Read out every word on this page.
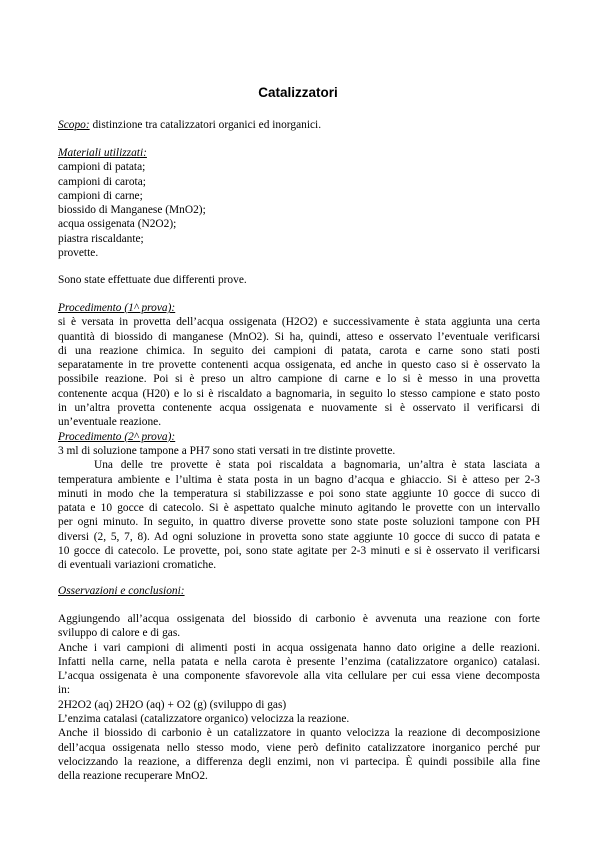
Catalizzatori
Scopo: distinzione tra catalizzatori organici ed inorganici.
Materiali utilizzati:
campioni di patata;
campioni di carota;
campioni di carne;
biossido di Manganese (MnO2);
acqua ossigenata (N2O2);
piastra riscaldante;
provette.
Sono state effettuate due differenti prove.
Procedimento (1^ prova):
si è versata in provetta dell’acqua ossigenata (H2O2) e successivamente è stata aggiunta una certa
quantità di biossido di manganese (MnO2). Si ha, quindi, atteso e osservato l’eventuale verificarsi
di una reazione chimica. In seguito dei campioni di patata, carota e carne sono stati posti
separatamente in tre provette contenenti acqua ossigenata, ed anche in questo caso si è osservato la
possibile reazione. Poi si è preso un altro campione di carne e lo si è messo in una provetta
contenente acqua (H20) e lo si è riscaldato a bagnomaria, in seguito lo stesso campione e stato posto
in un’altra provetta contenente acqua ossigenata e nuovamente si è osservato il verificarsi di
un’eventuale reazione.
Procedimento (2^ prova):
3 ml di soluzione tampone a PH7 sono stati versati in tre distinte provette.
Una delle tre provette è stata poi riscaldata a bagnomaria, un’altra è stata lasciata a
temperatura ambiente e l’ultima è stata posta in un bagno d’acqua e ghiaccio. Si è atteso per 2-3
minuti in modo che la temperatura si stabilizzasse e poi sono state aggiunte 10 gocce di succo di
patata e 10 gocce di catecolo. Si è aspettato qualche minuto agitando le provette con un intervallo
per ogni minuto. In seguito, in quattro diverse provette sono state poste soluzioni tampone con PH
diversi (2, 5, 7, 8). Ad ogni soluzione in provetta sono state aggiunte 10 gocce di succo di patata e
10 gocce di catecolo. Le provette, poi, sono state agitate per 2-3 minuti e si è osservato il verificarsi
di eventuali variazioni cromatiche.
Osservazioni e conclusioni:
Aggiungendo all’acqua ossigenata del biossido di carbonio è avvenuta una reazione con forte
sviluppo di calore e di gas.
Anche i vari campioni di alimenti posti in acqua ossigenata hanno dato origine a delle reazioni.
Infatti nella carne, nella patata e nella carota è presente l’enzima (catalizzatore organico) catalasi.
L’acqua ossigenata è una componente sfavorevole alla vita cellulare per cui essa viene decomposta
in:
2H2O2 (aq) 2H2O (aq) + O2 (g) (sviluppo di gas)
L’enzima catalasi (catalizzatore organico) velocizza la reazione.
Anche il biossido di carbonio è un catalizzatore in quanto velocizza la reazione di decomposizione
dell’acqua ossigenata nello stesso modo, viene però definito catalizzatore inorganico perché pur
velocizzando la reazione, a differenza degli enzimi, non vi partecipa. È quindi possibile alla fine
della reazione recuperare MnO2.
